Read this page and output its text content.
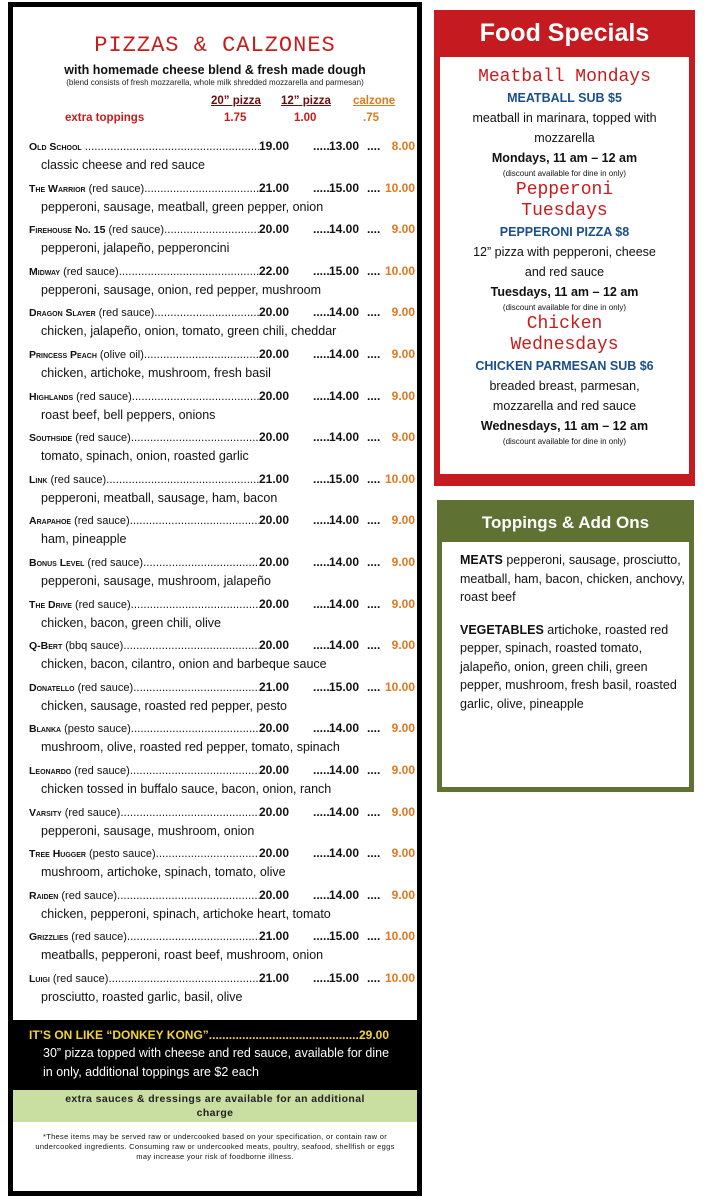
PIZZAS & CALZONES
with homemade cheese blend & fresh made dough
(blend consists of fresh mozzarella, whole milk shredded mozzarella and parmesan)
20” pizza 12” pizza calzone
extra toppings	1.75	1.00	.75
Old School .....	19.00 ........	13.00 ........	8.00
classic cheese and red sauce
The Warrior (red sauce) .....	21.00 ........	15.00 ........	10.00
pepperoni, sausage, meatball, green pepper, onion
Firehouse No. 15 (red sauce) .....	20.00 ........	14.00 ........	9.00
pepperoni, jalapeño, pepperoncini
Midway (red sauce) .....	22.00 ........	15.00 ........	10.00
pepperoni, sausage, onion, red pepper, mushroom
Dragon Slayer (red sauce) .....	20.00 ........	14.00 ........	9.00
chicken, jalapeño, onion, tomato, green chili, cheddar
Princess Peach (olive oil) .....	20.00 ........	14.00 ........	9.00
chicken, artichoke, mushroom, fresh basil
Highlands (red sauce) .....	20.00 ........	14.00 ........	9.00
roast beef, bell peppers, onions
Southside (red sauce) .....	20.00 ........	14.00 ........	9.00
tomato, spinach, onion, roasted garlic
Link (red sauce) .....	21.00 ........	15.00 ........	10.00
pepperoni, meatball, sausage, ham, bacon
Arapahoe (red sauce) .....	20.00 ........	14.00 ........	9.00
ham, pineapple
Bonus Level (red sauce) .....	20.00 ........	14.00 ........	9.00
pepperoni, sausage, mushroom, jalapeño
The Drive (red sauce) .....	20.00 ........	14.00 ........	9.00
chicken, bacon, green chili, olive
Q-Bert (bbq sauce) .....	20.00 ........	14.00 ........	9.00
chicken, bacon, cilantro, onion and barbeque sauce
Donatello (red sauce) .....	21.00 ........	15.00 ........	10.00
chicken, sausage, roasted red pepper, pesto
Blanka (pesto sauce) .....	20.00 ........	14.00 ........	9.00
mushroom, olive, roasted red pepper, tomato, spinach
Leonardo (red sauce) .....	20.00 ........	14.00 ........	9.00
chicken tossed in buffalo sauce, bacon, onion, ranch
Varsity (red sauce) .....	20.00 ........	14.00 ........	9.00
pepperoni, sausage, mushroom, onion
Tree Hugger (pesto sauce) .....	20.00 ........	14.00 ........	9.00
mushroom, artichoke, spinach, tomato, olive
Raiden (red sauce) .....	20.00 ........	14.00 ........	9.00
chicken, pepperoni, spinach, artichoke heart, tomato
Grizzlies (red sauce) .....	21.00 ........	15.00 ........	10.00
meatballs, pepperoni, roast beef, mushroom, onion
Luigi (red sauce) .....	21.00 ........	15.00 ........	10.00
prosciutto, roasted garlic, basil, olive
IT’S ON LIKE “DONKEY KONG” .....	29.00
30” pizza topped with cheese and red sauce, available for dine in only, additional toppings are $2 each
extra sauces & dressings are available for an additional charge
*These items may be served raw or undercooked based on your specification, or contain raw or undercooked ingredients. Consuming raw or undercooked meats, poultry, seafood, shellfish or eggs may increase your risk of foodborne illness.
Food Specials
Meatball Mondays
MEATBALL SUB $5
meatball in marinara, topped with mozzarella
Mondays, 11 am – 12 am
(discount available for dine in only)
Pepperoni Tuesdays
PEPPERONI PIZZA $8
12” pizza with pepperoni, cheese and red sauce
Tuesdays, 11 am – 12 am
(discount available for dine in only)
Chicken Wednesdays
CHICKEN PARMESAN SUB $6
breaded breast, parmesan, mozzarella and red sauce
Wednesdays, 11 am – 12 am
(discount available for dine in only)
Toppings & Add Ons

MEATS pepperoni, sausage, prosciutto, meatball, ham, bacon, chicken, anchovy, roast beef

VEGETABLES artichoke, roasted red pepper, spinach, roasted tomato, jalapeño, onion, green chili, green pepper, mushroom, fresh basil, roasted garlic, olive, pineapple
